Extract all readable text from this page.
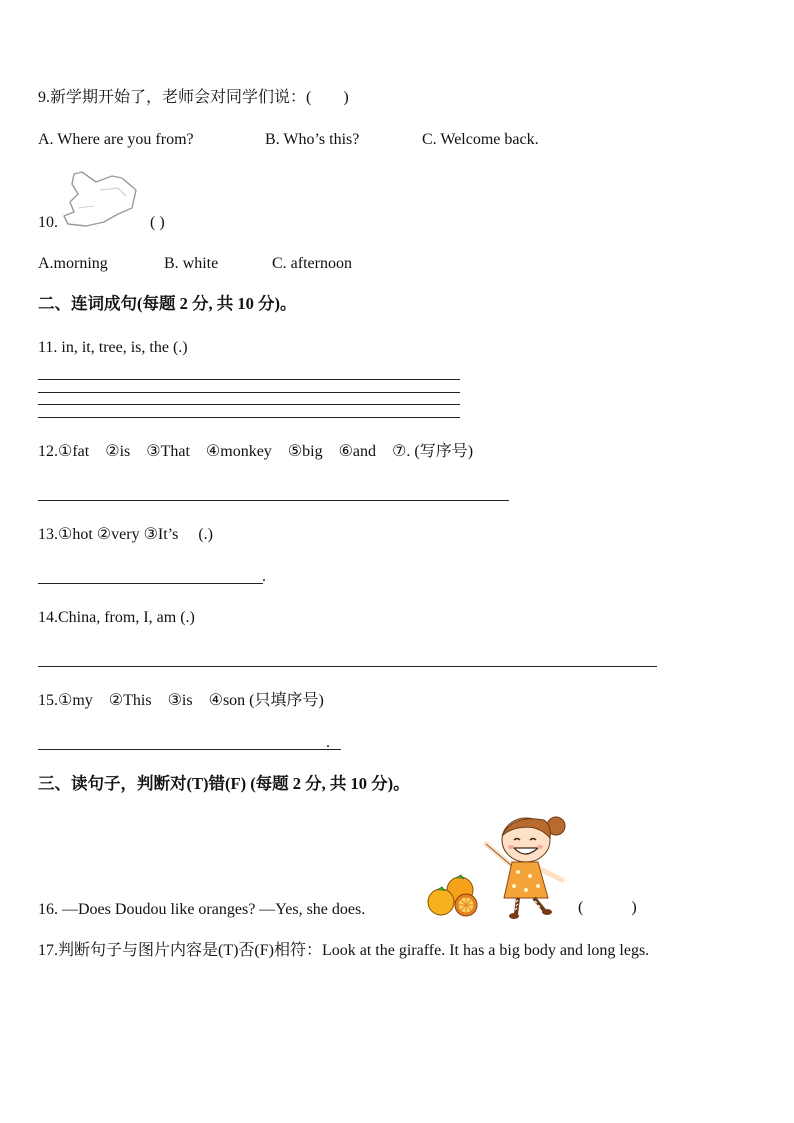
9.新学期开始了，老师会对同学们说：(　　)
A. Where are you from?	B. Who’s this?	C. Welcome back.
10.	( )
A.morning	B. white	C. afternoon
二、连词成句(每题 2 分, 共 10 分)。
11. in, it, tree, is, the (.)
12.①fat　②is　③That　④monkey　⑤big　⑥and　⑦. (写序号)
13.①hot ②very ③It’s　 (.)
.
14.China, from, I, am (.)
15.①my　②This　③is　④son (只填序号)
.
三、读句子，判断对(T)错(F) (每题 2 分, 共 10 分)。
16. —Does Doudou like oranges? —Yes, she does.	(　　　)
17.判断句子与图片内容是(T)否(F)相符：Look at the giraffe. It has a big body and long legs.
